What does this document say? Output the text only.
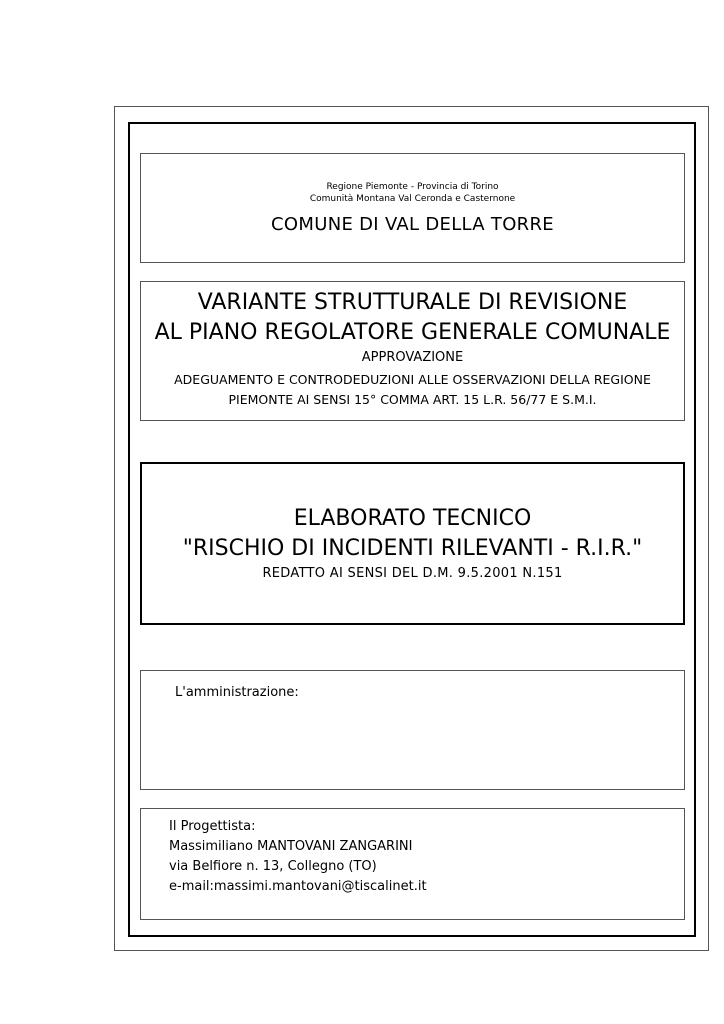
Regione Piemonte - Provincia di Torino
Comunità Montana Val Ceronda e Casternone
COMUNE DI VAL DELLA TORRE
VARIANTE STRUTTURALE DI REVISIONE
AL PIANO REGOLATORE GENERALE COMUNALE
APPROVAZIONE
ADEGUAMENTO E CONTRODEDUZIONI ALLE OSSERVAZIONI DELLA REGIONE
PIEMONTE AI SENSI 15° COMMA ART. 15 L.R. 56/77 E S.M.I.
ELABORATO TECNICO
"RISCHIO DI INCIDENTI RILEVANTI - R.I.R."
REDATTO AI SENSI DEL D.M. 9.5.2001 N.151
L'amministrazione:
Il Progettista:
Massimiliano MANTOVANI ZANGARINI
via Belfiore n. 13, Collegno (TO)
e-mail:massimi.mantovani@tiscalinet.it
